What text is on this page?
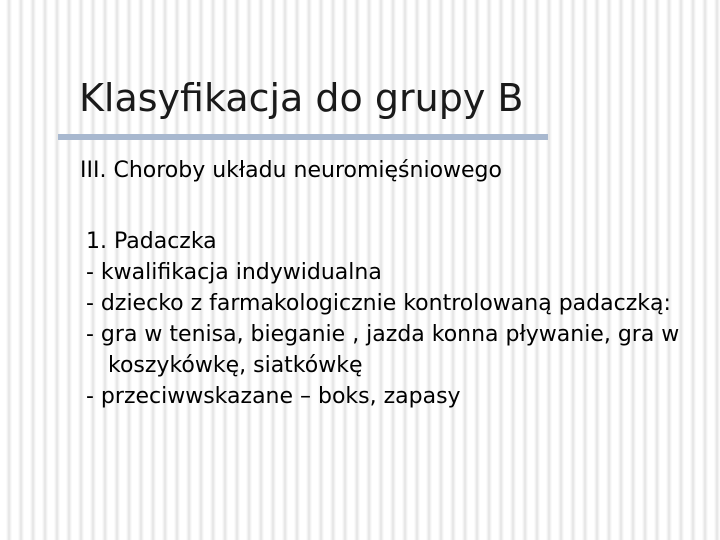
Klasyfikacja do grupy B

III. Choroby układu neuromięśniowego

1. Padaczka
- kwalifikacja indywidualna
- dziecko z farmakologicznie kontrolowaną padaczką:
- gra w tenisa, bieganie , jazda konna pływanie, gra w koszykówkę, siatkówkę
- przeciwwskazane – boks, zapasy
